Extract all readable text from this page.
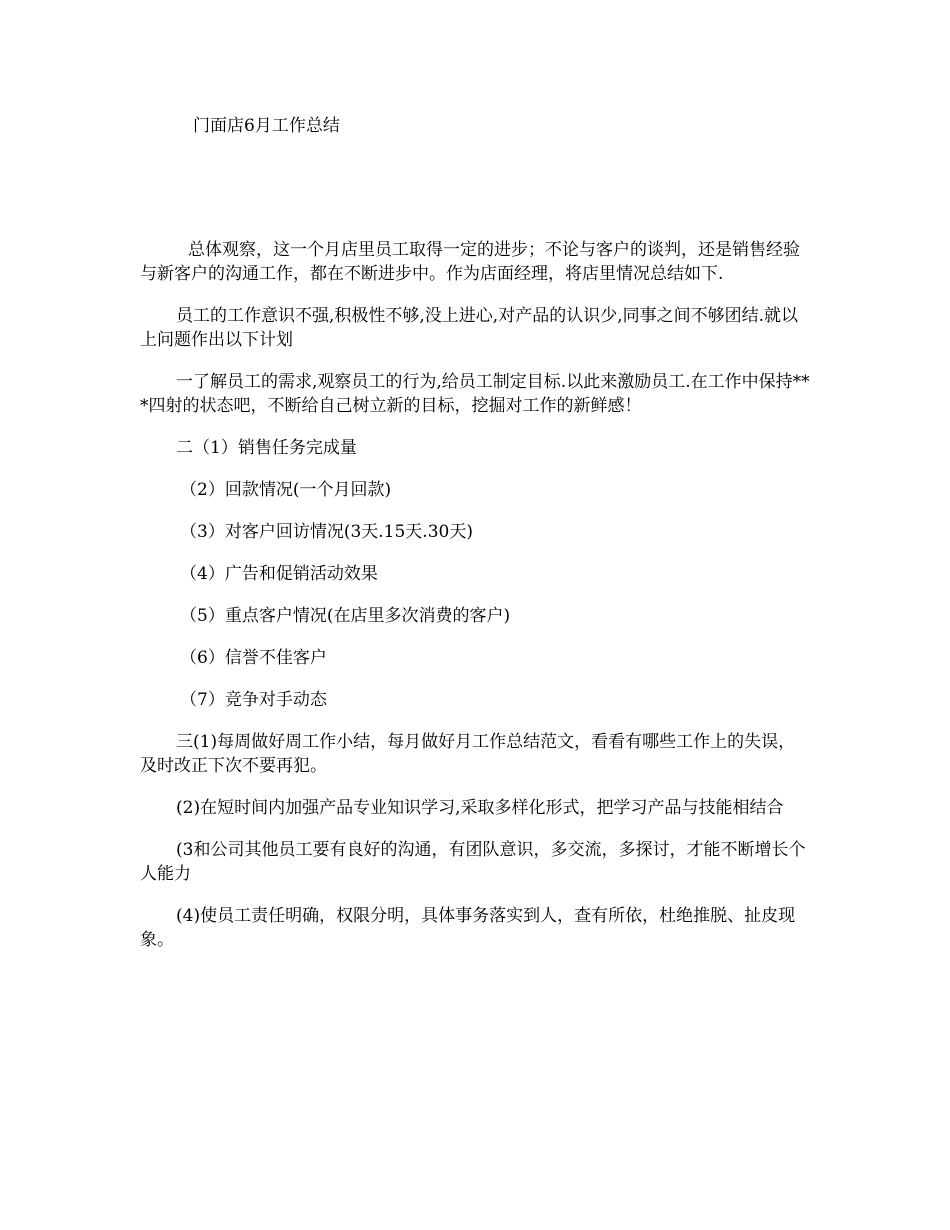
门面店6月工作总结

总体观察，这一个月店里员工取得一定的进步；不论与客户的谈判，还是销售经验与新客户的沟通工作，都在不断进步中。作为店面经理，将店里情况总结如下.

员工的工作意识不强,积极性不够,没上进心,对产品的认识少,同事之间不够团结.就以上问题作出以下计划

一了解员工的需求,观察员工的行为,给员工制定目标.以此来激励员工.在工作中保持***四射的状态吧，不断给自己树立新的目标，挖掘对工作的新鲜感！

二（1）销售任务完成量

（2）回款情况(一个月回款)

（3）对客户回访情况(3天.15天.30天)

（4）广告和促销活动效果

（5）重点客户情况(在店里多次消费的客户)

（6）信誉不佳客户

（7）竞争对手动态

三(1)每周做好周工作小结，每月做好月工作总结范文，看看有哪些工作上的失误，及时改正下次不要再犯。

(2)在短时间内加强产品专业知识学习,采取多样化形式，把学习产品与技能相结合

(3和公司其他员工要有良好的沟通，有团队意识，多交流，多探讨，才能不断增长个人能力

(4)使员工责任明确，权限分明，具体事务落实到人，查有所依，杜绝推脱、扯皮现象。
